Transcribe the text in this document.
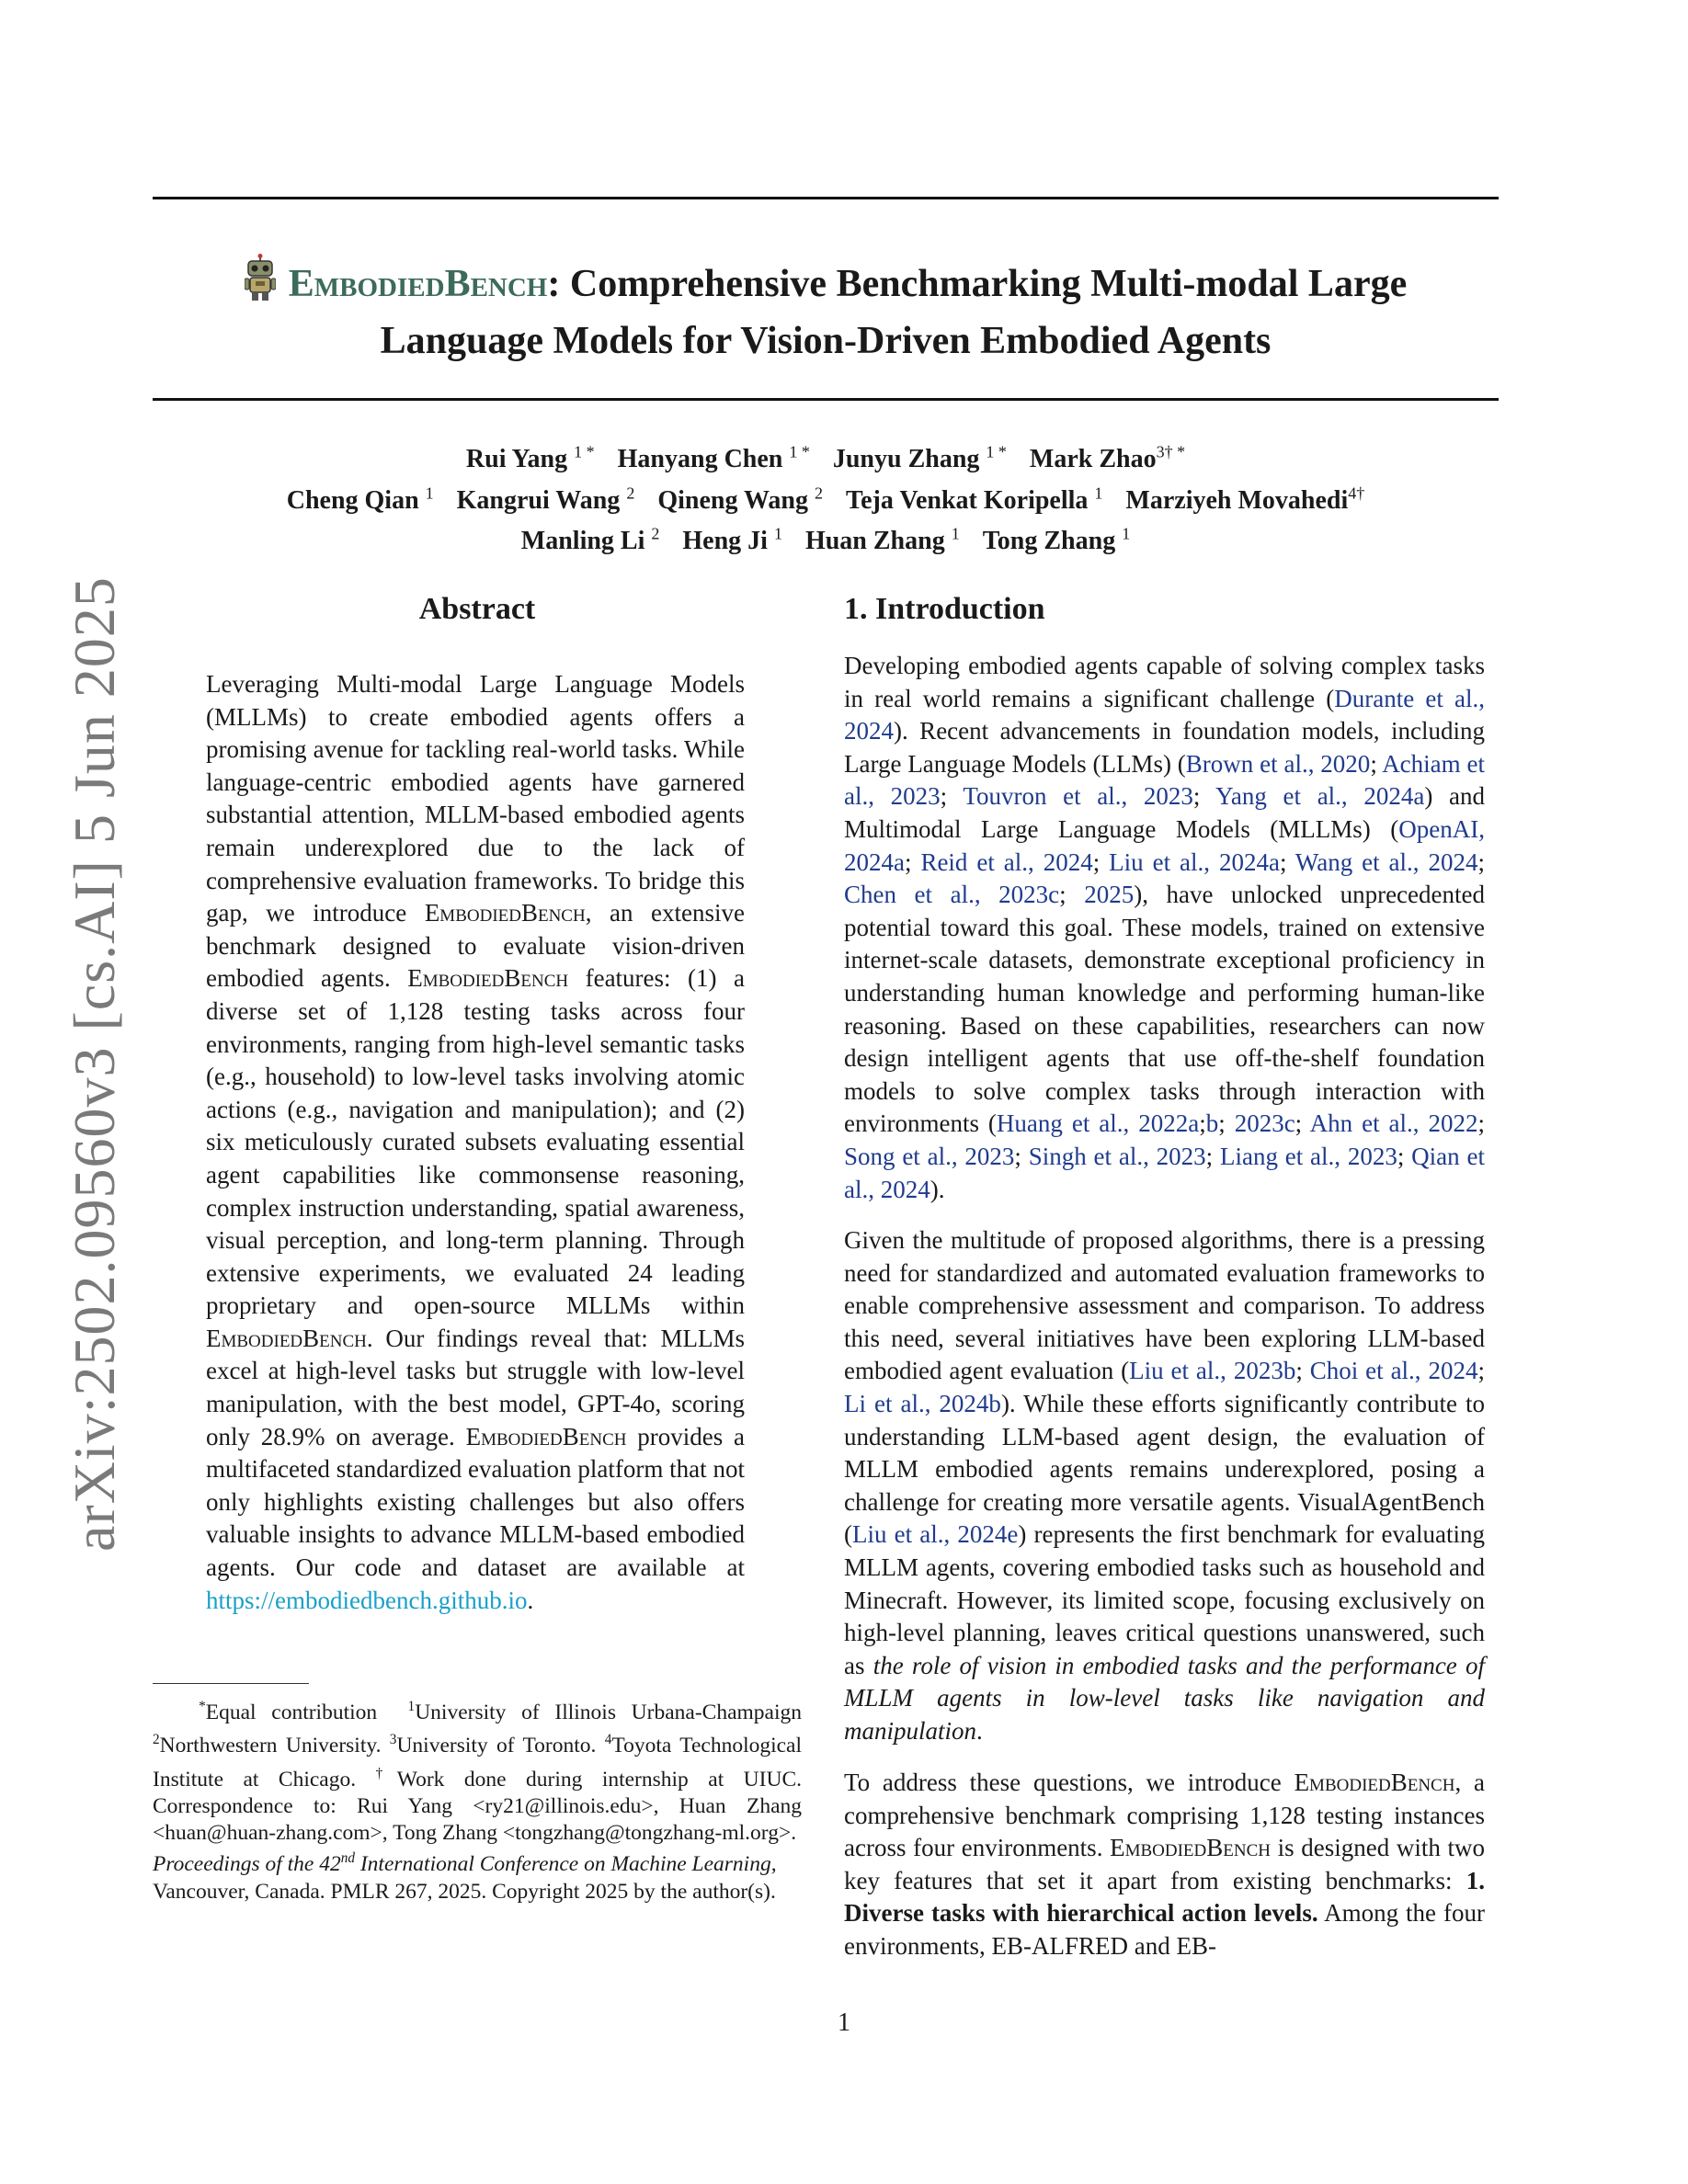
arXiv:2502.09560v3 [cs.AI] 5 Jun 2025
EmbodiedBench: Comprehensive Benchmarking Multi-modal Large
Language Models for Vision-Driven Embodied Agents
Rui Yang $^{1 *}$ Hanyang Chen $^{1 *}$ Junyu Zhang $^{1 *}$ Mark Zhao$^{3\dagger *}$
Cheng Qian $^1$ Kangrui Wang $^2$ Qineng Wang $^2$ Teja Venkat Koripella $^1$ Marziyeh Movahedi$^{4\dagger}$
Manling Li $^2$ Heng Ji $^1$ Huan Zhang $^1$ Tong Zhang $^1$
Abstract

Leveraging Multi-modal Large Language Models (MLLMs) to create embodied agents offers a promising avenue for tackling real-world tasks. While language-centric embodied agents have garnered substantial attention, MLLM-based embodied agents remain underexplored due to the lack of comprehensive evaluation frameworks. To bridge this gap, we introduce EmbodiedBench, an extensive benchmark designed to evaluate vision-driven embodied agents. EmbodiedBench features: (1) a diverse set of 1,128 testing tasks across four environments, ranging from high-level semantic tasks (e.g., household) to low-level tasks involving atomic actions (e.g., navigation and manipulation); and (2) six meticulously curated subsets evaluating essential agent capabilities like commonsense reasoning, complex instruction understanding, spatial awareness, visual perception, and long-term planning. Through extensive experiments, we evaluated 24 leading proprietary and open-source MLLMs within EmbodiedBench. Our findings reveal that: MLLMs excel at high-level tasks but struggle with low-level manipulation, with the best model, GPT-4o, scoring only 28.9% on average. EmbodiedBench provides a multifaceted standardized evaluation platform that not only highlights existing challenges but also offers valuable insights to advance MLLM-based embodied agents. Our code and dataset are available at https://embodiedbench.github.io.

*Equal contribution $^1$University of Illinois Urbana-Champaign $^2$Northwestern University. $^3$University of Toronto. $^4$Toyota Technological Institute at Chicago. †Work done during internship at UIUC. Correspondence to: Rui Yang <ry21@illinois.edu>, Huan Zhang <huan@huan-zhang.com>, Tong Zhang <tongzhang@tongzhang-ml.org>.

Proceedings of the 42nd International Conference on Machine Learning, Vancouver, Canada. PMLR 267, 2025. Copyright 2025 by the author(s).

1. Introduction

Developing embodied agents capable of solving complex tasks in real world remains a significant challenge (Durante et al., 2024). Recent advancements in foundation models, including Large Language Models (LLMs) (Brown et al., 2020; Achiam et al., 2023; Touvron et al., 2023; Yang et al., 2024a) and Multimodal Large Language Models (MLLMs) (OpenAI, 2024a; Reid et al., 2024; Liu et al., 2024a; Wang et al., 2024; Chen et al., 2023c; 2025), have unlocked unprecedented potential toward this goal. These models, trained on extensive internet-scale datasets, demonstrate exceptional proficiency in understanding human knowledge and performing human-like reasoning. Based on these capabilities, researchers can now design intelligent agents that use off-the-shelf foundation models to solve complex tasks through interaction with environments (Huang et al., 2022a;b; 2023c; Ahn et al., 2022; Song et al., 2023; Singh et al., 2023; Liang et al., 2023; Qian et al., 2024).

Given the multitude of proposed algorithms, there is a pressing need for standardized and automated evaluation frameworks to enable comprehensive assessment and comparison. To address this need, several initiatives have been exploring LLM-based embodied agent evaluation (Liu et al., 2023b; Choi et al., 2024; Li et al., 2024b). While these efforts significantly contribute to understanding LLM-based agent design, the evaluation of MLLM embodied agents remains underexplored, posing a challenge for creating more versatile agents. VisualAgentBench (Liu et al., 2024e) represents the first benchmark for evaluating MLLM agents, covering embodied tasks such as household and Minecraft. However, its limited scope, focusing exclusively on high-level planning, leaves critical questions unanswered, such as the role of vision in embodied tasks and the performance of MLLM agents in low-level tasks like navigation and manipulation.

To address these questions, we introduce EmbodiedBench, a comprehensive benchmark comprising 1,128 testing instances across four environments. EmbodiedBench is designed with two key features that set it apart from existing benchmarks: 1. Diverse tasks with hierarchical action levels. Among the four environments, EB-ALFRED and EB-

1
